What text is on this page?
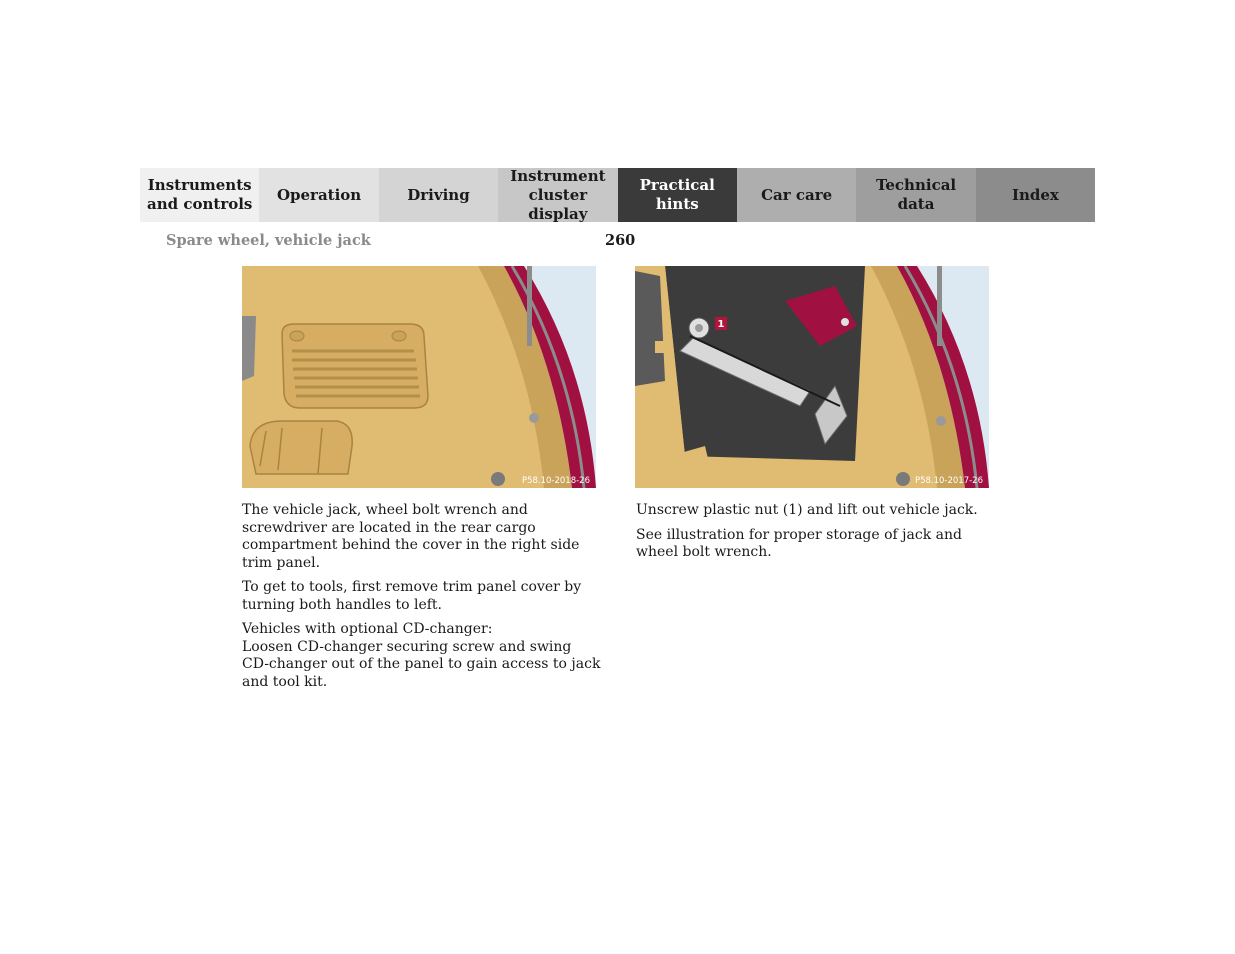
Instruments
and controls
Operation	Driving
Instrument
cluster display
Practical hints
Car care
Technical
data
Index
Spare wheel, vehicle jack	260
P58.10-2018-26
1
P58.10-2017-26

The vehicle jack, wheel bolt wrench and screwdriver are located in the rear cargo compartment behind the cover in the right side trim panel.

To get to tools, first remove trim panel cover by turning both handles to left.

Vehicles with optional CD-changer:
Loosen CD-changer securing screw and swing CD-changer out of the panel to gain access to jack and tool kit.

Unscrew plastic nut (1) and lift out vehicle jack.

See illustration for proper storage of jack and wheel bolt wrench.
